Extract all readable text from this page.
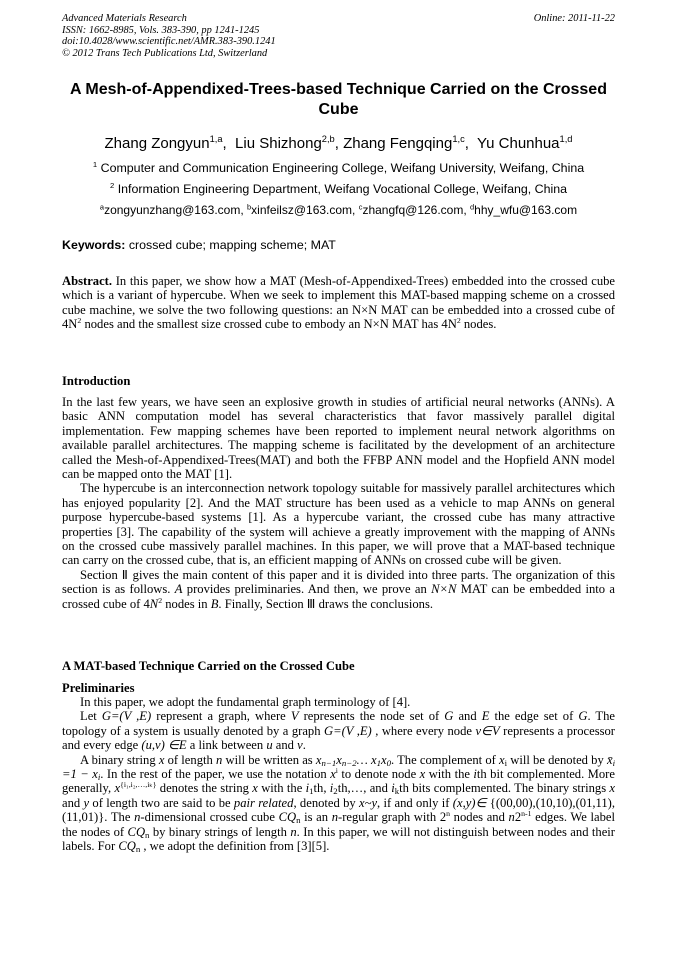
Advanced Materials Research
ISSN: 1662-8985, Vols. 383-390, pp 1241-1245
doi:10.4028/www.scientific.net/AMR.383-390.1241
© 2012 Trans Tech Publications Ltd, Switzerland
Online: 2011-11-22
A Mesh-of-Appendixed-Trees-based Technique Carried on the Crossed Cube
Zhang Zongyun$^{1,a}$,  Liu Shizhong$^{2,b}$, Zhang Fengqing$^{1,c}$,  Yu Chunhua$^{1,d}$
$^1$ Computer and Communication Engineering College, Weifang University, Weifang, China
$^2$ Information Engineering Department, Weifang Vocational College, Weifang, China
$^a$zongyunzhang@163.com, $^b$xinfeilsz@163.com, $^c$zhangfq@126.com, $^d$hhy_wfu@163.com
Keywords: crossed cube; mapping scheme; MAT

Abstract. In this paper, we show how a MAT (Mesh-of-Appendixed-Trees) embedded into the crossed cube which is a variant of hypercube. When we seek to implement this MAT-based mapping scheme on a crossed cube machine, we solve the two following questions: an N×N MAT can be embedded into a crossed cube of $4N^2$ nodes and the smallest size crossed cube to embody an N×N MAT has $4N^2$ nodes.

Introduction

In the last few years, we have seen an explosive growth in studies of artificial neural networks (ANNs). A basic ANN computation model has several characteristics that favor massively parallel digital implementation. Few mapping schemes have been reported to implement neural network algorithms on available parallel architectures. The mapping scheme is facilitated by the development of an architecture called the Mesh-of-Appendixed-Trees(MAT) and both the FFBP ANN model and the Hopfield ANN model can be mapped onto the MAT [1].

The hypercube is an interconnection network topology suitable for massively parallel architectures which has enjoyed popularity [2]. And the MAT structure has been used as a vehicle to map ANNs on general purpose hypercube-based systems [1]. As a hypercube variant, the crossed cube has many attractive properties [3]. The capability of the system will achieve a greatly improvement with the mapping of ANNs on the crossed cube massively parallel machines. In this paper, we will prove that a MAT-based technique can carry on the crossed cube, that is, an efficient mapping of ANNs on crossed cube will be given.

Section Ⅱ gives the main content of this paper and it is divided into three parts. The organization of this section is as follows. A provides preliminaries. And then, we prove an N×N MAT can be embedded into a crossed cube of $4N^2$ nodes in B. Finally, Section Ⅲ draws the conclusions.

A MAT-based Technique Carried on the Crossed Cube
Preliminaries

In this paper, we adopt the fundamental graph terminology of [4].

Let G=(V ,E) represent a graph, where V represents the node set of G and E the edge set of G. The topology of a system is usually denoted by a graph G=(V ,E) , where every node v∈V represents a processor and every edge (u,v) ∈E a link between u and v.

A binary string x of length n will be written as $x_{n-1}x_{n-2}\dots$ $x_1x_0$. The complement of $x_i$ will be denoted by $x̄_i =1 - x_i$. In the rest of the paper, we use the notation $x^i$ to denote node x with the ith bit complemented. More generally, $x^{\{i_1,i_2,\dots,i_k\}}$ denotes the string x with the $i_1th$, $i_2th,\dots$, and $i_kth$ bits complemented. The binary strings x and y of length two are said to be pair related, denoted by x~y, if and only if (x,y)∈ {(00,00),(10,10),(01,11),(11,01)}. The n-dimensional crossed cube $CQ_n$ is an n-regular graph with 2$^n$ nodes and n2$^{n-1}$ edges. We label the nodes of $CQ_n$ by binary strings of length n. In this paper, we will not distinguish between nodes and their labels. For $CQ_n$ , we adopt the definition from [3][5].
